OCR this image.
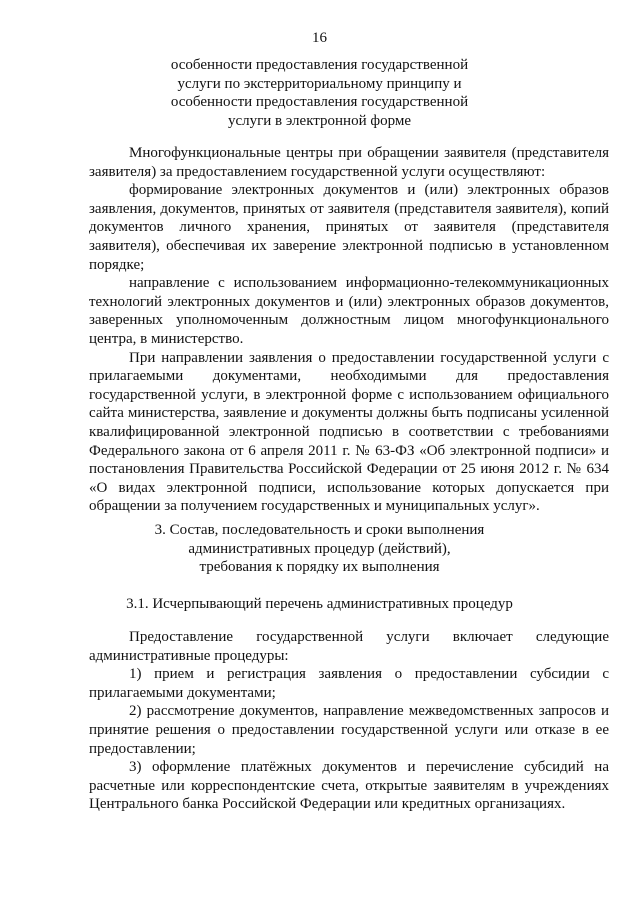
16
особенности предоставления государственной
услуги по экстерриториальному принципу и
особенности предоставления государственной
услуги в электронной форме

Многофункциональные центры при обращении заявителя (представителя заявителя) за предоставлением государственной услуги осуществляют:

формирование электронных документов и (или) электронных образов заявления, документов, принятых от заявителя (представителя заявителя), копий документов личного хранения, принятых от заявителя (представителя заявителя), обеспечивая их заверение электронной подписью в установленном порядке;

направление с использованием информационно-телекоммуникационных технологий электронных документов и (или) электронных образов документов, заверенных уполномоченным должностным лицом многофункционального центра, в министерство.

При направлении заявления о предоставлении государственной услуги с прилагаемыми документами, необходимыми для предоставления государственной услуги, в электронной форме с использованием официального сайта министерства, заявление и документы должны быть подписаны усиленной квалифицированной электронной подписью в соответствии с требованиями Федерального закона от 6 апреля 2011 г. № 63-ФЗ «Об электронной подписи» и постановления Правительства Российской Федерации от 25 июня 2012 г. № 634 «О видах электронной подписи, использование которых допускается при обращении за получением государственных и муниципальных услуг».

3. Состав, последовательность и сроки выполнения
административных процедур (действий),
требования к порядку их выполнения
3.1. Исчерпывающий перечень административных процедур

Предоставление государственной услуги включает следующие административные процедуры:

1) прием и регистрация заявления о предоставлении субсидии с прилагаемыми документами;

2) рассмотрение документов, направление межведомственных запросов и принятие решения о предоставлении государственной услуги или отказе в ее предоставлении;

3) оформление платёжных документов и перечисление субсидий на расчетные или корреспондентские счета, открытые заявителям в учреждениях Центрального банка Российской Федерации или кредитных организациях.
